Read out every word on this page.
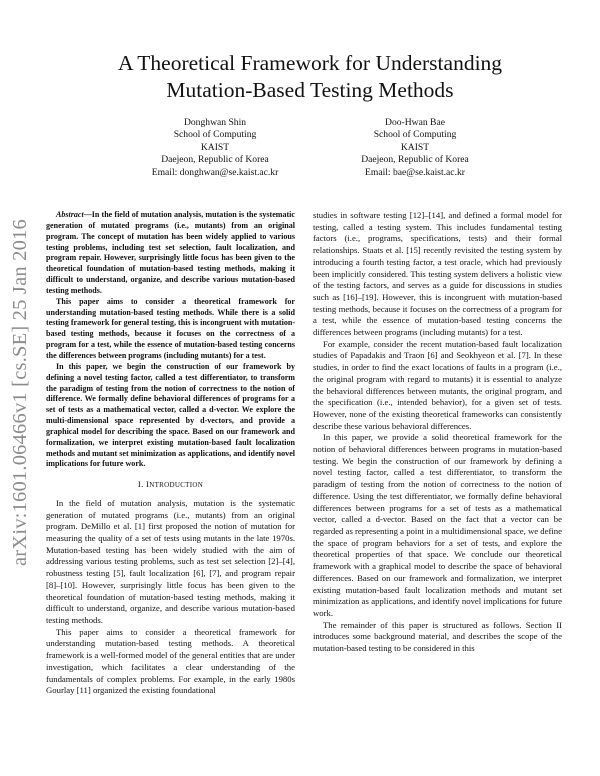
arXiv:1601.06466v1 [cs.SE] 25 Jan 2016
A Theoretical Framework for Understanding
Mutation-Based Testing Methods
Donghwan Shin
School of Computing
KAIST
Daejeon, Republic of Korea
Email: donghwan@se.kaist.ac.kr
Doo-Hwan Bae
School of Computing
KAIST
Daejeon, Republic of Korea
Email: bae@se.kaist.ac.kr

Abstract—In the field of mutation analysis, mutation is the systematic generation of mutated programs (i.e., mutants) from an original program. The concept of mutation has been widely applied to various testing problems, including test set selection, fault localization, and program repair. However, surprisingly little focus has been given to the theoretical foundation of mutation-based testing methods, making it difficult to understand, organize, and describe various mutation-based testing methods.

This paper aims to consider a theoretical framework for understanding mutation-based testing methods. While there is a solid testing framework for general testing, this is incongruent with mutation-based testing methods, because it focuses on the correctness of a program for a test, while the essence of mutation-based testing concerns the differences between programs (including mutants) for a test.

In this paper, we begin the construction of our framework by defining a novel testing factor, called a test differentiator, to transform the paradigm of testing from the notion of correctness to the notion of difference. We formally define behavioral differences of programs for a set of tests as a mathematical vector, called a d-vector. We explore the multi-dimensional space represented by d-vectors, and provide a graphical model for describing the space. Based on our framework and formalization, we interpret existing mutation-based fault localization methods and mutant set minimization as applications, and identify novel implications for future work.

I. INTRODUCTION

In the field of mutation analysis, mutation is the systematic generation of mutated programs (i.e., mutants) from an original program. DeMillo et al. [1] first proposed the notion of mutation for measuring the quality of a set of tests using mutants in the late 1970s. Mutation-based testing has been widely studied with the aim of addressing various testing problems, such as test set selection [2]–[4], robustness testing [5], fault localization [6], [7], and program repair [8]–[10]. However, surprisingly little focus has been given to the theoretical foundation of mutation-based testing methods, making it difficult to understand, organize, and describe various mutation-based testing methods.

This paper aims to consider a theoretical framework for understanding mutation-based testing methods. A theoretical framework is a well-formed model of the general entities that are under investigation, which facilitates a clear understanding of the fundamentals of complex problems. For example, in the early 1980s Gourlay [11] organized the existing foundational

studies in software testing [12]–[14], and defined a formal model for testing, called a testing system. This includes fundamental testing factors (i.e., programs, specifications, tests) and their formal relationships. Staats et al. [15] recently revisited the testing system by introducing a fourth testing factor, a test oracle, which had previously been implicitly considered. This testing system delivers a holistic view of the testing factors, and serves as a guide for discussions in studies such as [16]–[19]. However, this is incongruent with mutation-based testing methods, because it focuses on the correctness of a program for a test, while the essence of mutation-based testing concerns the differences between programs (including mutants) for a test.

For example, consider the recent mutation-based fault localization studies of Papadakis and Traon [6] and Seokhyeon et al. [7]. In these studies, in order to find the exact locations of faults in a program (i.e., the original program with regard to mutants) it is essential to analyze the behavioral differences between mutants, the original program, and the specification (i.e., intended behavior), for a given set of tests. However, none of the existing theoretical frameworks can consistently describe these various behavioral differences.

In this paper, we provide a solid theoretical framework for the notion of behavioral differences between programs in mutation-based testing. We begin the construction of our framework by defining a novel testing factor, called a test differentiator, to transform the paradigm of testing from the notion of correctness to the notion of difference. Using the test differentiator, we formally define behavioral differences between programs for a set of tests as a mathematical vector, called a d-vector. Based on the fact that a vector can be regarded as representing a point in a multidimensional space, we define the space of program behaviors for a set of tests, and explore the theoretical properties of that space. We conclude our theoretical framework with a graphical model to describe the space of behavioral differences. Based on our framework and formalization, we interpret existing mutation-based fault localization methods and mutant set minimization as applications, and identify novel implications for future work.

The remainder of this paper is structured as follows. Section II introduces some background material, and describes the scope of the mutation-based testing to be considered in this
